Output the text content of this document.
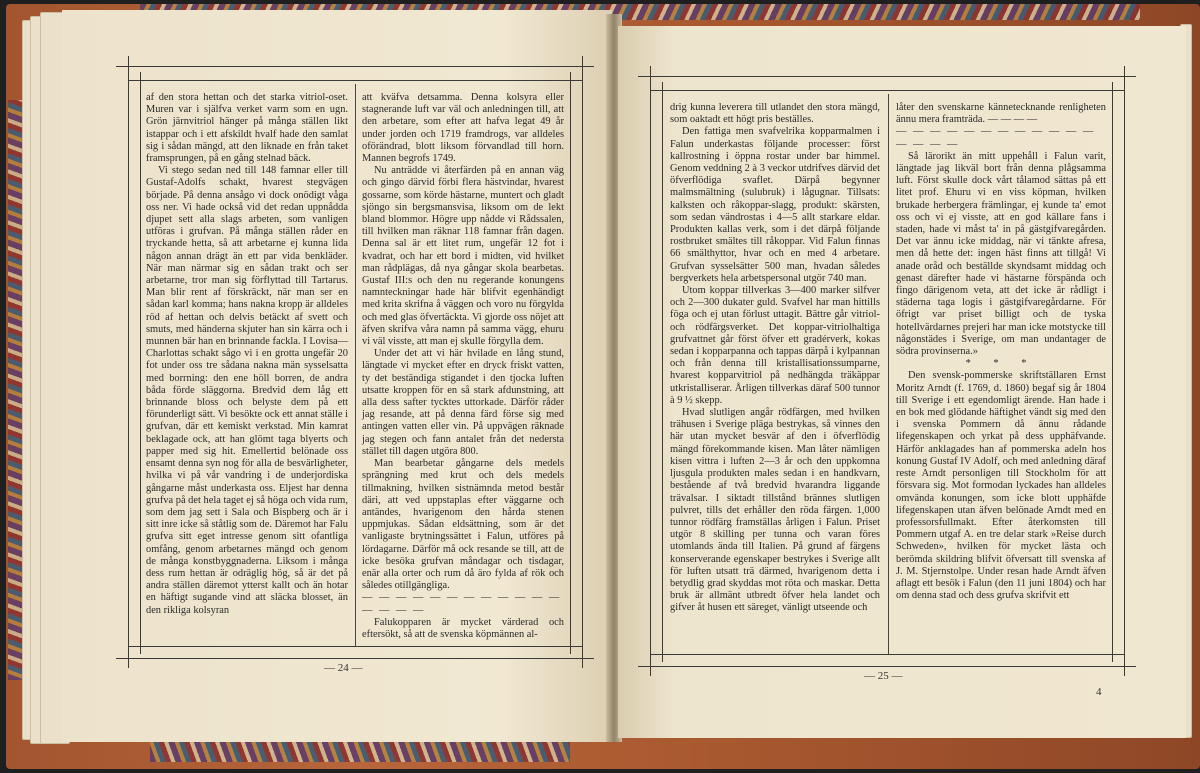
af den stora hettan och det starka vitriol-oset. Muren var i själfva verket varm som en ugn. Grön järnvitriol hänger på många ställen likt istappar och i ett afskildt hvalf hade den samlat sig i sådan mängd, att den liknade en från taket framsprungen, på en gång stelnad bäck.

Vi stego sedan ned till 148 famnar eller till Gustaf-Adolfs schakt, hvarest stegvägen började. På denna ansågo vi dock onödigt våga oss ner. Vi hade också vid det redan uppnådda djupet sett alla slags arbeten, som vanligen utföras i grufvan. På många ställen råder en tryckande hetta, så att arbetarne ej kunna lida någon annan drägt än ett par vida benkläder. När man närmar sig en sådan trakt och ser arbetarne, tror man sig förflyttad till Tartarus. Man blir rent af förskräckt, när man ser en sådan karl komma; hans nakna kropp är alldeles röd af hettan och delvis betäckt af svett och smuts, med händerna skjuter han sin kärra och i munnen bär han en brinnande fackla. I Lovisa—Charlottas schakt sågo vi i en grotta ungefär 20 fot under oss tre sådana nakna män sysselsatta med borrning: den ene höll borren, de andra båda förde släggorna. Bredvid dem låg ett brinnande bloss och belyste dem på ett förunderligt sätt. Vi besökte ock ett annat ställe i grufvan, där ett kemiskt verkstad. Min kamrat beklagade ock, att han glömt taga blyerts och papper med sig hit. Emellertid belönade oss ensamt denna syn nog för alla de besvärligheter, hvilka vi på vår vandring i de underjordiska gångarne måst underkasta oss. Eljest har denna grufva på det hela taget ej så höga och vida rum, som dem jag sett i Sala och Bispberg och är i sitt inre icke så ståtlig som de. Däremot har Falu grufva sitt eget intresse genom sitt ofantliga omfång, genom arbetarnes mängd och genom de många konstbyggnaderna. Liksom i många dess rum hettan är odräglig hög, så är det på andra ställen däremot ytterst kallt och än hotar en häftigt sugande vind att släcka blosset, än den rikliga kolsyran

att kväfva detsamma. Denna kolsyra eller stagnerande luft var väl och anledningen till, att den arbetare, som efter att hafva legat 49 år under jorden och 1719 framdrogs, var alldeles oförändrad, blott liksom förvandlad till horn. Mannen begrofs 1749.

Nu anträdde vi återfärden på en annan väg och gingo därvid förbi flera hästvindar, hvarest gossarne, som körde hästarne, muntert och gladt sjöngo sin bergsmansvisa, liksom om de lekt bland blommor. Högre upp nådde vi Rådssalen, till hvilken man räknar 118 famnar från dagen. Denna sal är ett litet rum, ungefär 12 fot i kvadrat, och har ett bord i midten, vid hvilket man rådplägas, då nya gångar skola bearbetas. Gustaf III:s och den nu regerande konungens namnteckningar hade här blifvit egenhändigt med krita skrifna å väggen och voro nu förgylda och med glas öfvertäckta. Vi gjorde oss nöjet att äfven skrifva våra namn på samma vägg, ehuru vi väl visste, att man ej skulle förgylla dem.

Under det att vi här hvilade en lång stund, längtade vi mycket efter en dryck friskt vatten, ty det beständiga stigandet i den tjocka luften utsatte kroppen för en så stark afdunstning, att alla dess safter tycktes uttorkade. Därför råder jag resande, att på denna färd förse sig med antingen vatten eller vin. På uppvägen räknade jag stegen och fann antalet från det nedersta stället till dagen utgöra 800.

Man bearbetar gångarne dels medels sprängning med krut och dels medels tillmakning, hvilken sistnämnda metod består däri, att ved uppstaplas efter väggarne och antändes, hvarigenom den hårda stenen uppmjukas. Sådan eldsättning, som är det vanligaste brytningssättet i Falun, utföres på lördagarne. Därför må ock resande se till, att de icke besöka grufvan måndagar och tisdagar, enär alla orter och rum då äro fylda af rök och således otillgängliga.

— — — — — — — — — — — — — — — —

Falukopparen är mycket värderad och eftersökt, så att de svenska köpmännen al-

— 24 —

drig kunna leverera till utlandet den stora mängd, som oaktadt ett högt pris beställes.

Den fattiga men svafvelrika kopparmalmen i Falun underkastas följande processer: först kallrostning i öppna rostar under bar himmel. Genom veddning 2 à 3 veckor utdrifves därvid det öfverflödiga svaflet. Därpå begynner malmsmältning (sulubruk) i lågugnar. Tillsats: kalksten och råkoppar-slagg, produkt: skärsten, som sedan vändrostas i 4—5 allt starkare eldar. Produkten kallas verk, som i det därpå följande rostbruket smältes till råkoppar. Vid Falun finnas 66 smälthyttor, hvar och en med 4 arbetare. Grufvan sysselsätter 500 man, hvadan således bergverkets hela arbetspersonal utgör 740 man.

Utom koppar tillverkas 3—400 marker silfver och 2—300 dukater guld. Svafvel har man hittills föga och ej utan förlust uttagit. Bättre går vitriol- och rödfärgsverket. Det koppar-vitriolhaltiga grufvattnet går först öfver ett gradérverk, kokas sedan i kopparpanna och tappas därpå i kylpannan och från denna till kristallisationssumparne, hvarest kopparvitriol på nedhängda träkäppar utkristalliserar. Årligen tillverkas däraf 500 tunnor à 9 ½ skepp.

Hvad slutligen angår rödfärgen, med hvilken trähusen i Sverige pläga bestrykas, så vinnes den här utan mycket besvär af den i öfverflödig mängd förekommande kisen. Man låter nämligen kisen vittra i luften 2—3 år och den uppkomna ljusgula produkten males sedan i en handkvarn, bestående af två bredvid hvarandra liggande trävalsar. I siktadt tillstånd brännes slutligen pulvret, tills det erhåller den röda färgen. 1,000 tunnor rödfärg framställas årligen i Falun. Priset utgör 8 skilling per tunna och varan föres utomlands ända till Italien. På grund af färgens konserverande egenskaper bestrykes i Sverige allt för luften utsatt trä därmed, hvarigenom detta i betydlig grad skyddas mot röta och maskar. Detta bruk är allmänt utbredt öfver hela landet och gifver åt husen ett säreget, vänligt utseende och

låter den svenskarne kännetecknande renligheten ännu mera framträda. — — — —

— — — — — — — — — — — — — — — —

Så lärorikt än mitt uppehåll i Falun varit, längtade jag likväl bort från denna plågsamma luft. Först skulle dock vårt tålamod sättas på ett litet prof. Ehuru vi en viss köpman, hvilken brukade herbergera främlingar, ej kunde ta' emot oss och vi ej visste, att en god källare fans i staden, hade vi måst ta' in på gästgifvaregården. Det var ännu icke middag, när vi tänkte afresa, men då hette det: ingen häst finns att tillgå! Vi anade oråd och beställde skyndsamt middag och genast därefter hade vi hästarne förspända och fingo därigenom veta, att det icke är rådligt i städerna taga logis i gästgifvaregårdarne. För öfrigt var priset billigt och de tyska hotellvärdarnes prejeri har man icke motstycke till någonstädes i Sverige, om man undantager de södra provinserna.»

* * *

Den svensk-pommerske skriftställaren Ernst Moritz Arndt (f. 1769, d. 1860) begaf sig år 1804 till Sverige i ett egendomligt ärende. Han hade i en bok med glödande häftighet vändt sig med den i svenska Pommern då ännu rådande lifegenskapen och yrkat på dess upphäfvande. Härför anklagades han af pommerska adeln hos konung Gustaf IV Adolf, och med anledning däraf reste Arndt personligen till Stockholm för att försvara sig. Mot formodan lyckades han alldeles omvända konungen, som icke blott upphäfde lifegenskapen utan äfven belönade Arndt med en professorsfullmakt. Efter återkomsten till Pommern utgaf A. en tre delar stark »Reise durch Schweden», hvilken för mycket lästa och berömda skildring blifvit öfversatt till svenska af J. M. Stjernstolpe. Under resan hade Arndt äfven aflagt ett besök i Falun (den 11 juni 1804) och har om denna stad och dess grufva skrifvit ett

— 25 —
4
